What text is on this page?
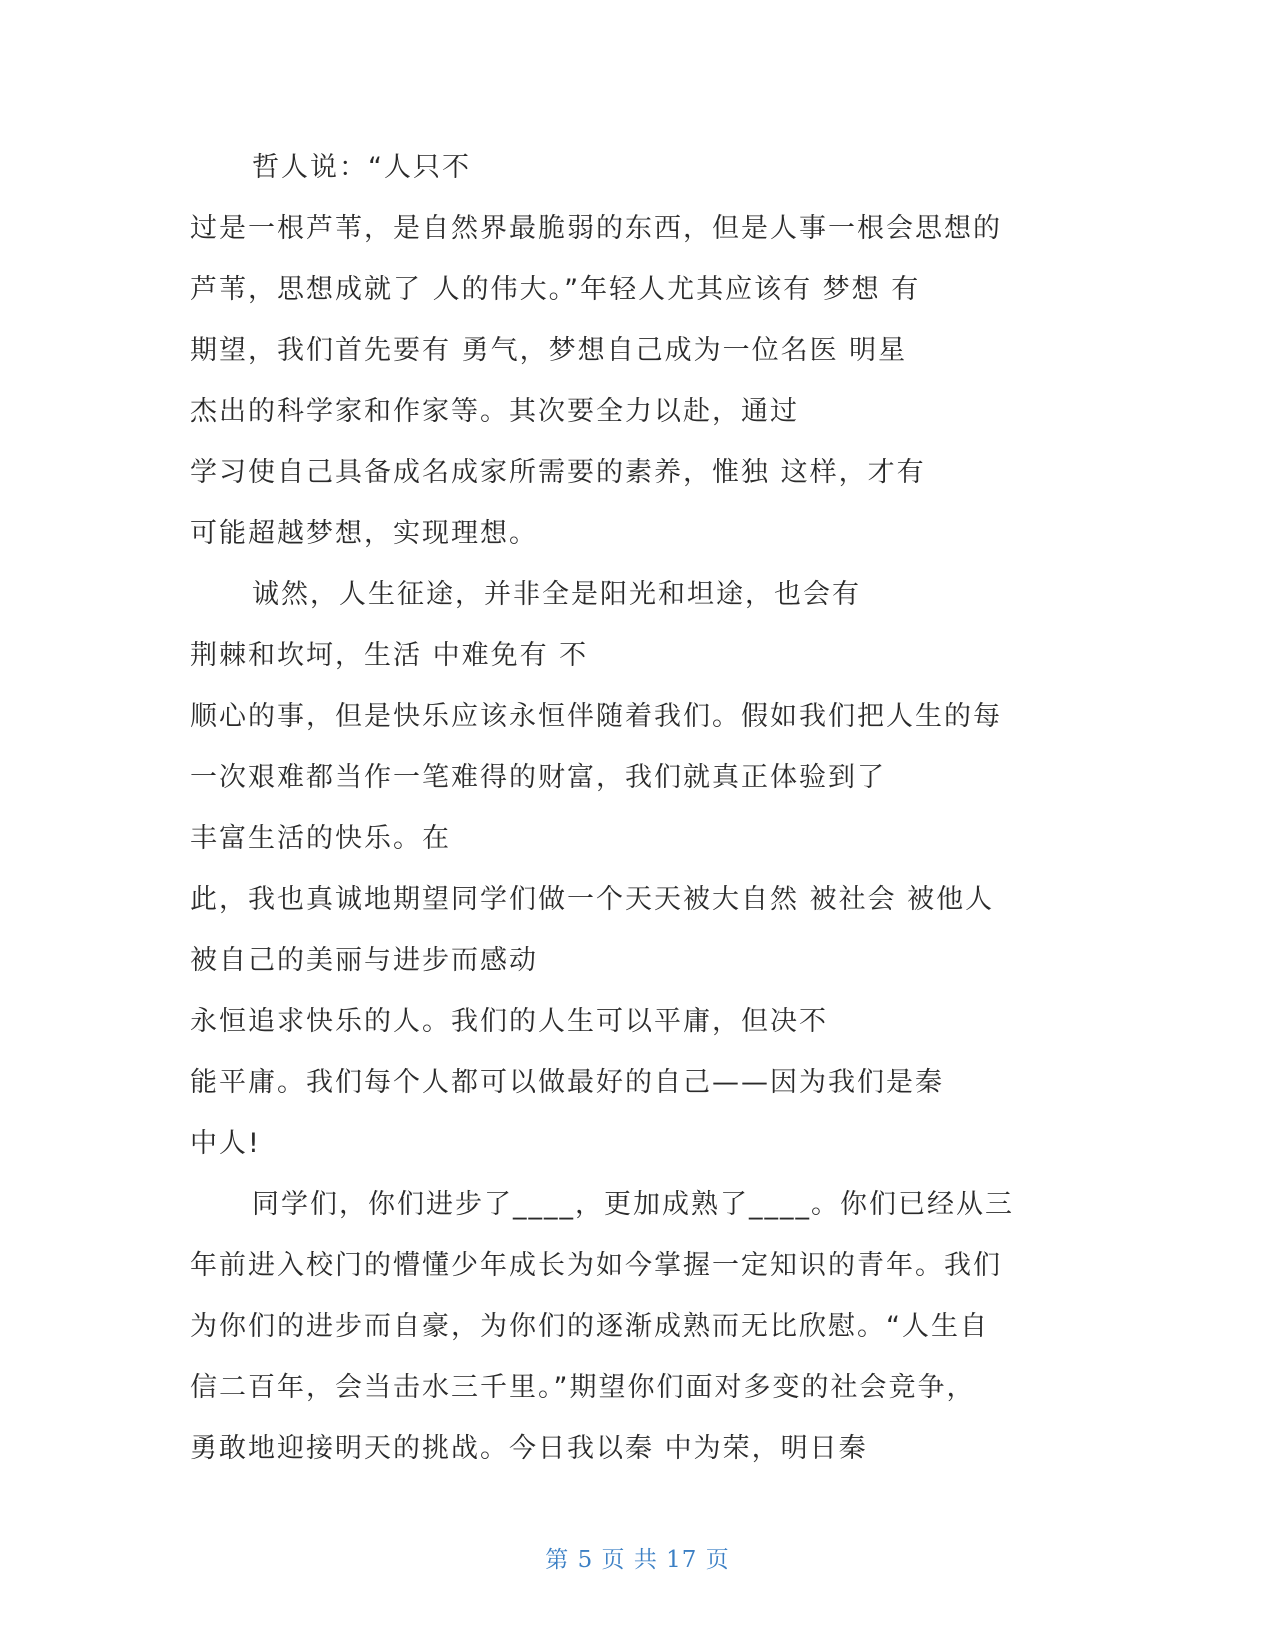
哲人说：“人只不
过是一根芦苇，是自然界最脆弱的东西，但是人事一根会思想的
芦苇，思想成就了 人的伟大。”年轻人尤其应该有 梦想 有
期望，我们首先要有 勇气，梦想自己成为一位名医 明星
杰出的科学家和作家等。其次要全力以赴，通过
学习使自己具备成名成家所需要的素养，惟独 这样，才有
可能超越梦想，实现理想。
诚然，人生征途，并非全是阳光和坦途，也会有
荆棘和坎坷，生活 中难免有 不
顺心的事，但是快乐应该永恒伴随着我们。假如我们把人生的每
一次艰难都当作一笔难得的财富，我们就真正体验到了
丰富生活的快乐。在
此，我也真诚地期望同学们做一个天天被大自然 被社会 被他人
被自己的美丽与进步而感动
永恒追求快乐的人。我们的人生可以平庸，但决不
能平庸。我们每个人都可以做最好的自己——因为我们是秦
中人!
同学们，你们进步了____，更加成熟了____。你们已经从三
年前进入校门的懵懂少年成长为如今掌握一定知识的青年。我们
为你们的进步而自豪，为你们的逐渐成熟而无比欣慰。“人生自
信二百年，会当击水三千里。”期望你们面对多变的社会竞争，
勇敢地迎接明天的挑战。今日我以秦 中为荣，明日秦
第 5 页 共 17 页
